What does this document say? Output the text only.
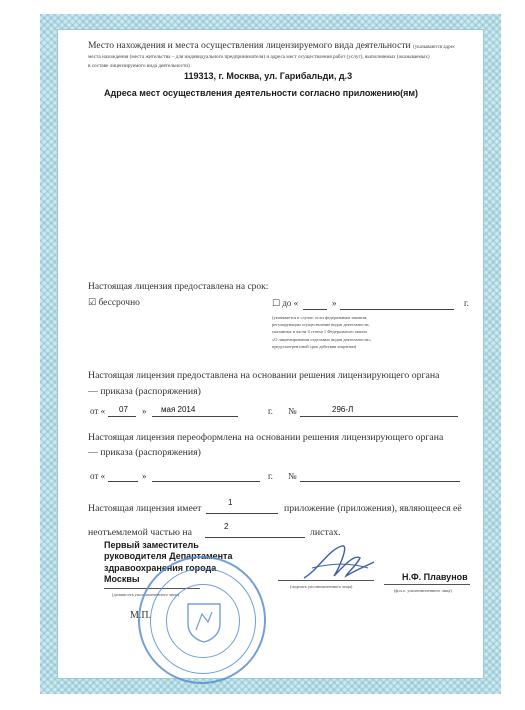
Место нахождения и места осуществления лицензируемого вида деятельности (указываются адрес
места нахождения (места жительства – для индивидуального предпринимателя) и адреса мест осуществления работ (услуг), выполняемых (оказываемых)
в составе лицензируемого вида деятельности)
119313, г. Москва, ул. Гарибальди, д.3
Адреса мест осуществления деятельности согласно приложению(ям)
Настоящая лицензия предоставлена на срок:
☑ бессрочно	☐ до «	»	г.
(указывается в случае, если федеральным законом,
регулирующим осуществление видов деятельности,
указанных в части 4 статьи 1 Федерального закона
«О лицензировании отдельных видов деятельности»,
предусмотрен иной срок действия лицензии)
Настоящая лицензия предоставлена на основании решения лицензирующего органа
— приказа (распоряжения)
от « 07 » мая 2014	г. №	296-Л
Настоящая лицензия переоформлена на основании решения лицензирующего органа
— приказа (распоряжения)
от «	»	г. №
Настоящая лицензия имеет
1
приложение (приложения), являющееся её
неотъемлемой частью на
2
листах.
Первый заместитель
руководителя Департамента
здравоохранения города
Москвы
(должность уполномоченного лица)
(подпись уполномоченного лица)
Н.Ф. Плавунов
(ф.и.о. уполномоченного лица)
М.П.
